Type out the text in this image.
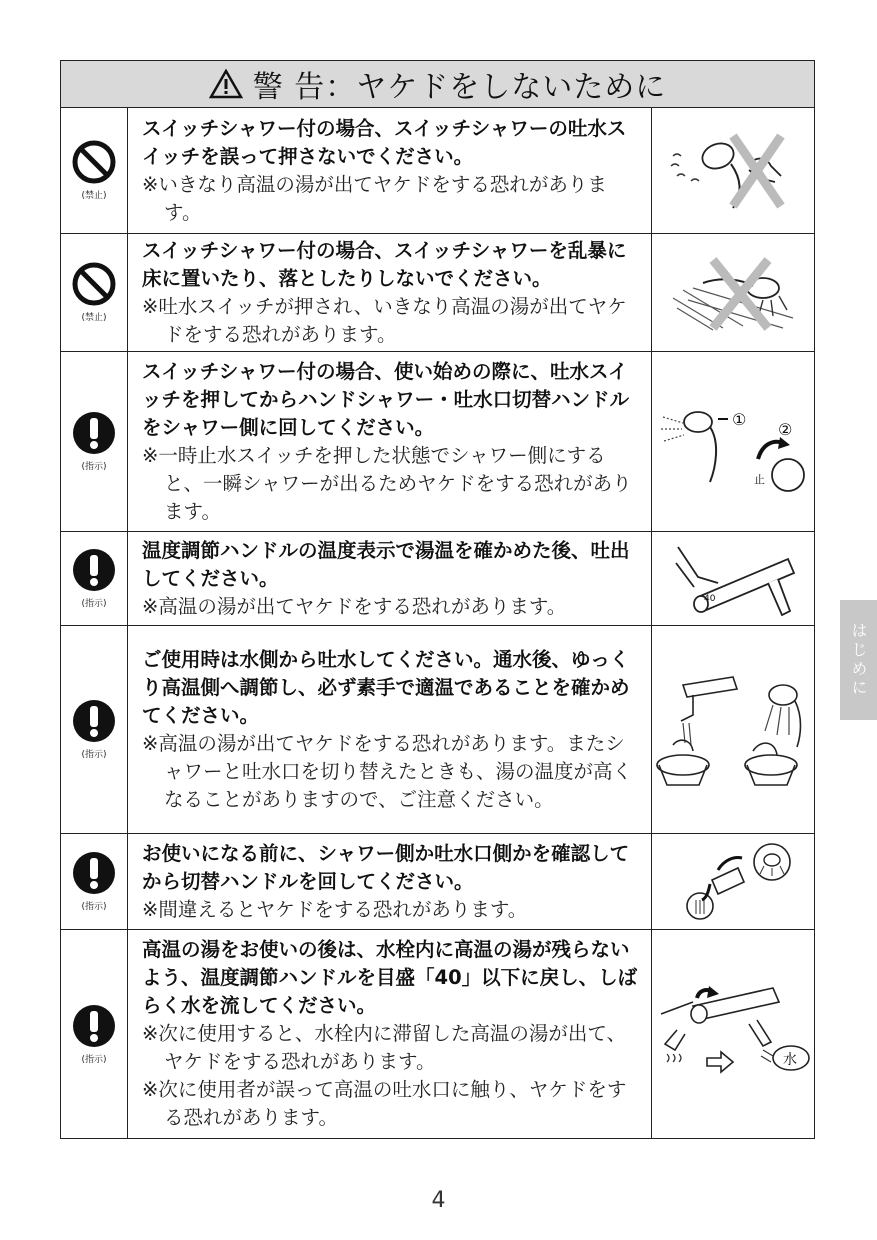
警 告：ヤケドをしないために
(禁止)
スイッチシャワー付の場合、スイッチシャワーの吐水スイッチを誤って押さないでください。
※いきなり高温の湯が出てヤケドをする恐れがあります。
(禁止)
スイッチシャワー付の場合、スイッチシャワーを乱暴に床に置いたり、落としたりしないでください。
※吐水スイッチが押され、いきなり高温の湯が出てヤケドをする恐れがあります。
(指示)
スイッチシャワー付の場合、使い始めの際に、吐水スイッチを押してからハンドシャワー・吐水口切替ハンドルをシャワー側に回してください。
※一時止水スイッチを押した状態でシャワー側にすると、一瞬シャワーが出るためヤケドをする恐れがあります。
①
②
止
(指示)
温度調節ハンドルの温度表示で湯温を確かめた後、吐出してください。
※高温の湯が出てヤケドをする恐れがあります。	40
(指示)
ご使用時は水側から吐水してください。通水後、ゆっくり高温側へ調節し、必ず素手で適温であることを確かめてください。
※高温の湯が出てヤケドをする恐れがあります。またシャワーと吐水口を切り替えたときも、湯の温度が高くなることがありますので、ご注意ください。
(指示)
お使いになる前に、シャワー側か吐水口側かを確認してから切替ハンドルを回してください。
※間違えるとヤケドをする恐れがあります。
(指示)
高温の湯をお使いの後は、水栓内に高温の湯が残らないよう、温度調節ハンドルを目盛「40」以下に戻し、しばらく水を流してください。
※次に使用すると、水栓内に滞留した高温の湯が出て、ヤケドをする恐れがあります。
※次に使用者が誤って高温の吐水口に触り、ヤケドをする恐れがあります。
水
はじめに
4
